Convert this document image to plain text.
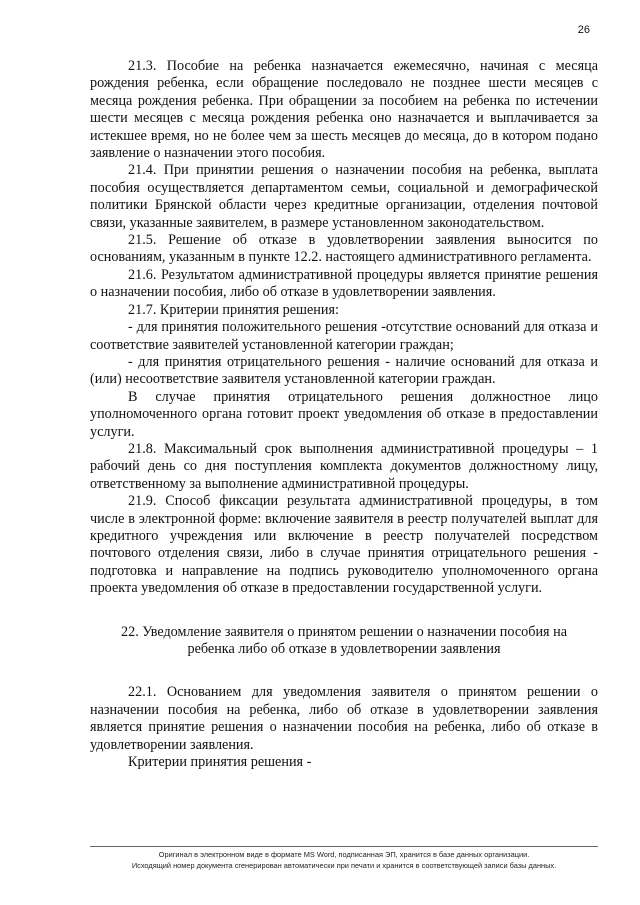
26

21.3. Пособие на ребенка назначается ежемесячно, начиная с месяца рождения ребенка, если обращение последовало не позднее шести месяцев с месяца рождения ребенка. При обращении за пособием на ребенка по истечении шести месяцев с месяца рождения ребенка оно назначается и выплачивается за истекшее время, но не более чем за шесть месяцев до месяца, до в котором подано заявление о назначении этого пособия.

21.4. При принятии решения о назначении пособия на ребенка, выплата пособия осуществляется департаментом семьи, социальной и демографической политики Брянской области через кредитные организации, отделения почтовой связи, указанные заявителем, в размере установленном законодательством.

21.5. Решение об отказе в удовлетворении заявления выносится по основаниям, указанным в пункте 12.2. настоящего административного регламента.

21.6. Результатом административной процедуры является принятие решения о назначении пособия, либо об отказе в удовлетворении заявления.

21.7. Критерии принятия решения:

- для принятия положительного решения -отсутствие оснований для отказа и соответствие заявителей установленной категории граждан;

- для принятия отрицательного решения - наличие оснований для отказа и (или) несоответствие заявителя установленной категории граждан.

В случае принятия отрицательного решения должностное лицо уполномоченного органа готовит проект уведомления об отказе в предоставлении услуги.

21.8. Максимальный срок выполнения административной процедуры – 1 рабочий день со дня поступления комплекта документов должностному лицу, ответственному за выполнение административной процедуры.

21.9. Способ фиксации результата административной процедуры, в том числе в электронной форме: включение заявителя в реестр получателей выплат для кредитного учреждения или включение в реестр получателей посредством почтового отделения связи, либо в случае принятия отрицательного решения - подготовка и направление на подпись руководителю уполномоченного органа проекта уведомления об отказе в предоставлении государственной услуги.

22. Уведомление заявителя о принятом решении о назначении пособия на
ребенка либо об отказе в удовлетворении заявления

22.1. Основанием для уведомления заявителя о принятом решении о назначении пособия на ребенка, либо об отказе в удовлетворении заявления является принятие решения о назначении пособия на ребенка, либо об отказе в удовлетворении заявления.

Критерии принятия решения -

Оригинал в электронном виде в формате MS Word, подписанная ЭП, хранится в базе данных организации.
Исходящий номер документа сгенерирован автоматически при печати и хранится в соответствующей записи базы данных.
